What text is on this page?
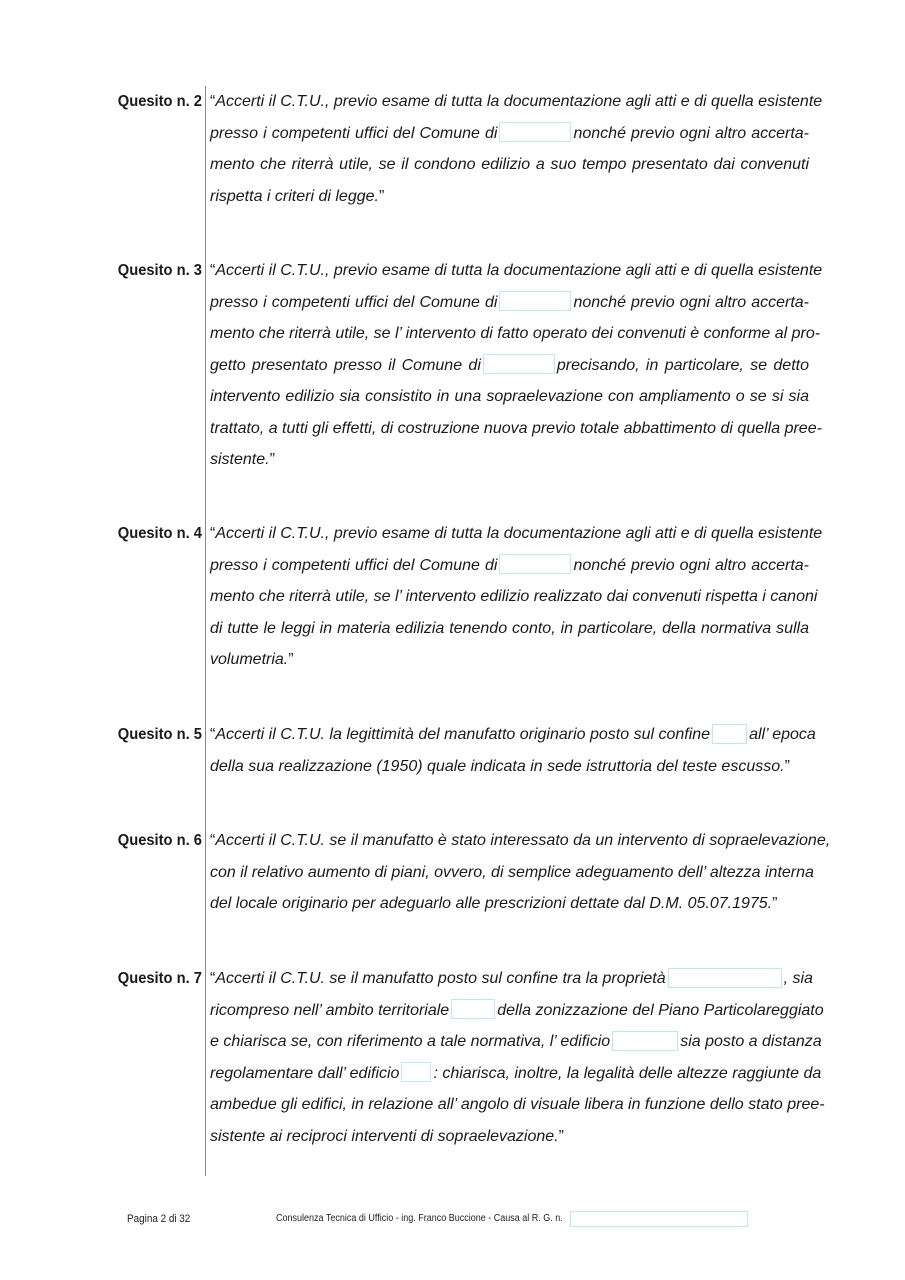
Quesito n. 2 “Accerti il C.T.U., previo esame di tutta la documentazione agli atti e di quella esistente
presso i competenti uffici del Comune di	nonché previo ogni altro accerta-
mento che riterrà utile, se il condono edilizio a suo tempo presentato dai convenuti
rispetta i criteri di legge.”
Quesito n. 3 “Accerti il C.T.U., previo esame di tutta la documentazione agli atti e di quella esistente
presso i competenti uffici del Comune di	nonché previo ogni altro accerta-
mento che riterrà utile, se l’ intervento di fatto operato dei convenuti è conforme al pro-
getto presentato presso il Comune di	precisando, in particolare, se detto
intervento edilizio sia consistito in una sopraelevazione con ampliamento o se si sia
trattato, a tutti gli effetti, di costruzione nuova previo totale abbattimento di quella pree-
sistente.”
Quesito n. 4 “Accerti il C.T.U., previo esame di tutta la documentazione agli atti e di quella esistente
presso i competenti uffici del Comune di	nonché previo ogni altro accerta-
mento che riterrà utile, se l’ intervento edilizio realizzato dai convenuti rispetta i canoni
di tutte le leggi in materia edilizia tenendo conto, in particolare, della normativa sulla
volumetria.”
Quesito n. 5 “Accerti il C.T.U. la legittimità del manufatto originario posto sul confine all’ epoca
della sua realizzazione (1950) quale indicata in sede istruttoria del teste escusso.”
Quesito n. 6 “Accerti il C.T.U. se il manufatto è stato interessato da un intervento di sopraelevazione,
con il relativo aumento di piani, ovvero, di semplice adeguamento dell’ altezza interna
del locale originario per adeguarlo alle prescrizioni dettate dal D.M. 05.07.1975.”
Quesito n. 7 “Accerti il C.T.U. se il manufatto posto sul confine tra la proprietà	, sia
ricompreso nell’ ambito territoriale	della zonizzazione del Piano Particolareggiato
e chiarisca se, con riferimento a tale normativa, l’ edificio	sia posto a distanza
regolamentare dall’ edificio : chiarisca, inoltre, la legalità delle altezze raggiunte da
ambedue gli edifici, in relazione all’ angolo di visuale libera in funzione dello stato pree-
sistente ai reciproci interventi di sopraelevazione.”
Pagina 2 di 32	Consulenza Tecnica di Ufficio - ing. Franco Buccione - Causa al R. G. n.
